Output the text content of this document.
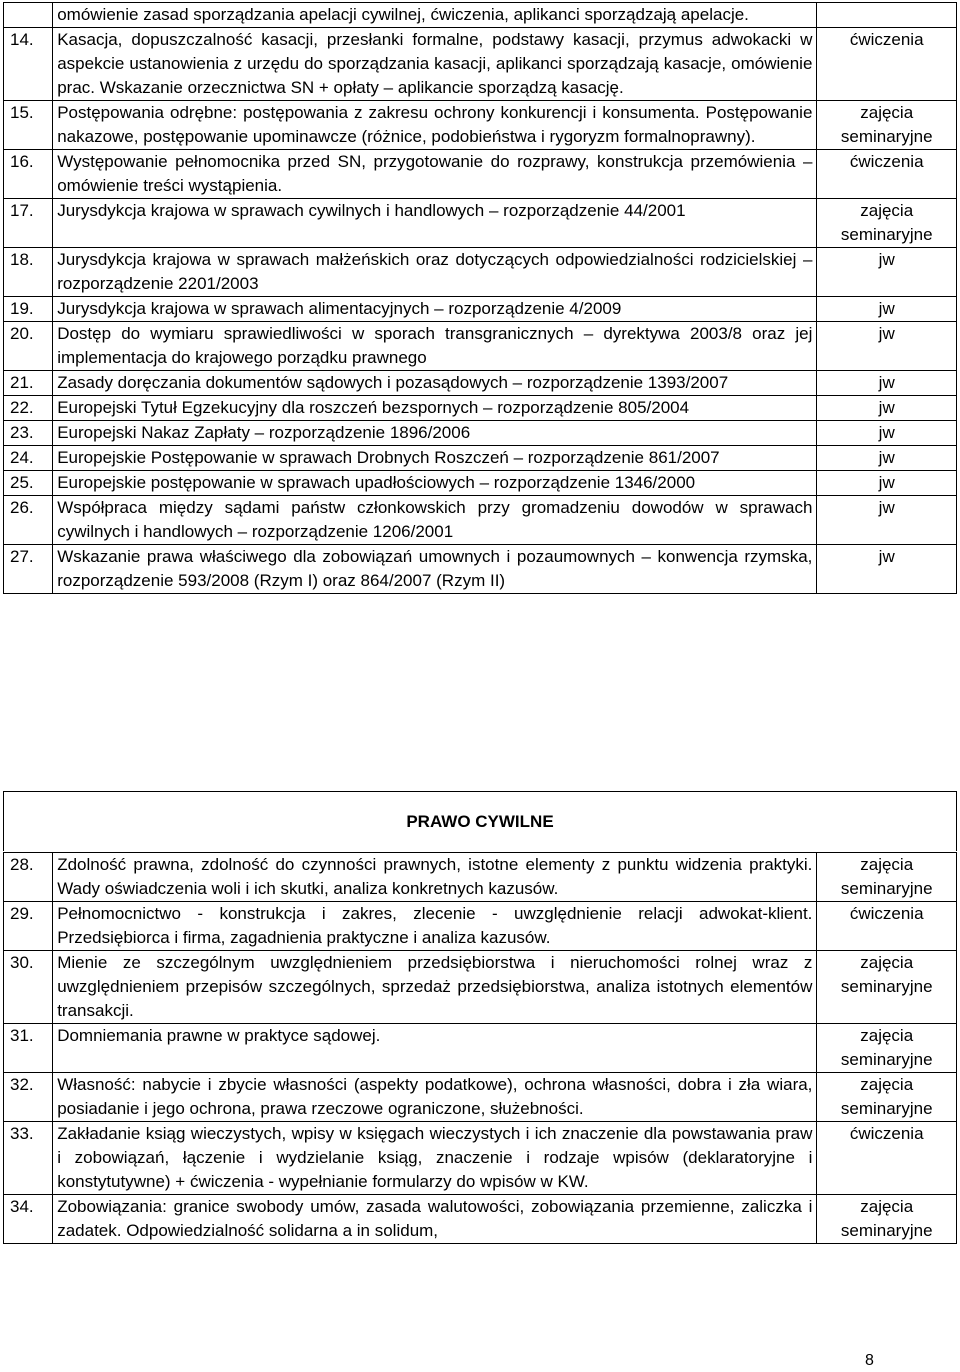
	omówienie zasad sporządzania apelacji cywilnej, ćwiczenia, aplikanci sporządzają apelacje.	
14.	Kasacja, dopuszczalność kasacji, przesłanki formalne, podstawy kasacji, przymus adwokacki w aspekcie ustanowienia z urzędu do sporządzania kasacji, aplikanci sporządzają kasacje, omówienie prac. Wskazanie orzecznictwa SN + opłaty – aplikancie sporządzą kasację.	ćwiczenia

15.	Postępowania odrębne: postępowania z zakresu ochrony konkurencji i konsumenta. Postępowanie nakazowe, postępowanie upominawcze (różnice, podobieństwa i rygoryzm formalnoprawny).	zajęcia
seminaryjne

16.	Występowanie pełnomocnika przed SN, przygotowanie do rozprawy, konstrukcja przemówienia – omówienie treści wystąpienia.	ćwiczenia

17.	Jurysdykcja krajowa w sprawach cywilnych i handlowych – rozporządzenie 44/2001	zajęcia
seminaryjne

18.	Jurysdykcja krajowa w sprawach małżeńskich oraz dotyczących odpowiedzialności rodzicielskiej – rozporządzenie 2201/2003	jw

19.	Jurysdykcja krajowa w sprawach alimentacyjnych – rozporządzenie 4/2009	jw

20.	Dostęp do wymiaru sprawiedliwości w sporach transgranicznych – dyrektywa 2003/8 oraz jej implementacja do krajowego porządku prawnego	jw

21.	Zasady doręczania dokumentów sądowych i pozasądowych – rozporządzenie 1393/2007	jw

22.	Europejski Tytuł Egzekucyjny dla roszczeń bezspornych – rozporządzenie 805/2004	jw

23.	Europejski Nakaz Zapłaty – rozporządzenie 1896/2006	jw

24.	Europejskie Postępowanie w sprawach Drobnych Roszczeń – rozporządzenie 861/2007	jw

25.	Europejskie postępowanie w sprawach upadłościowych – rozporządzenie 1346/2000	jw

26.	Współpraca między sądami państw członkowskich przy gromadzeniu dowodów w sprawach cywilnych i handlowych – rozporządzenie 1206/2001	jw

27.	Wskazanie prawa właściwego dla zobowiązań umownych i pozaumownych – konwencja rzymska, rozporządzenie 593/2008 (Rzym I) oraz 864/2007 (Rzym II)	jw
PRAWO CYWILNE
28.	Zdolność prawna, zdolność do czynności prawnych, istotne elementy z punktu widzenia praktyki. Wady oświadczenia woli i ich skutki, analiza konkretnych kazusów.	zajęcia
seminaryjne

29.	Pełnomocnictwo - konstrukcja i zakres, zlecenie - uwzględnienie relacji adwokat-klient. Przedsiębiorca i firma, zagadnienia praktyczne i analiza kazusów.	ćwiczenia

30.	Mienie ze szczególnym uwzględnieniem przedsiębiorstwa i nieruchomości rolnej wraz z uwzględnieniem przepisów szczególnych, sprzedaż przedsiębiorstwa, analiza istotnych elementów transakcji.	zajęcia
seminaryjne

31.	Domniemania prawne w praktyce sądowej.	zajęcia
seminaryjne

32.	Własność: nabycie i zbycie własności (aspekty podatkowe), ochrona własności, dobra i zła wiara, posiadanie i jego ochrona, prawa rzeczowe ograniczone, służebności.	zajęcia
seminaryjne

33.	Zakładanie ksiąg wieczystych, wpisy w księgach wieczystych i ich znaczenie dla powstawania praw i zobowiązań, łączenie i wydzielanie ksiąg, znaczenie i rodzaje wpisów (deklaratoryjne i konstytutywne) + ćwiczenia - wypełnianie formularzy do wpisów w KW.	ćwiczenia

34.	Zobowiązania: granice swobody umów, zasada walutowości, zobowiązania przemienne, zaliczka i zadatek. Odpowiedzialność solidarna a in solidum,	zajęcia
seminaryjne
8
